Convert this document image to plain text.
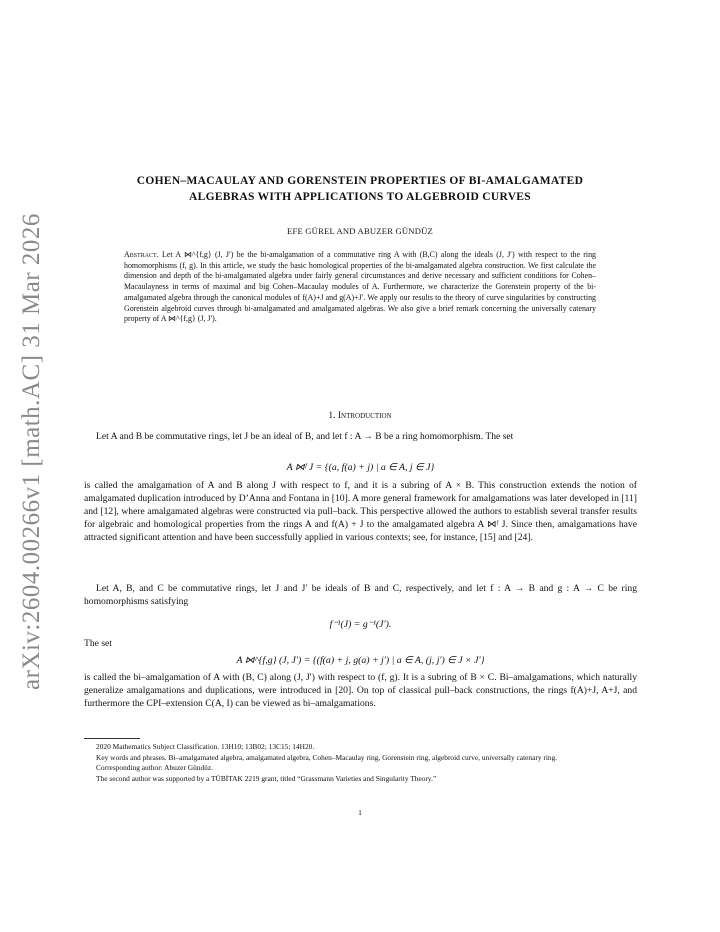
arXiv:2604.00266v1 [math.AC] 31 Mar 2026
COHEN–MACAULAY AND GORENSTEIN PROPERTIES OF BI-AMALGAMATED
ALGEBRAS WITH APPLICATIONS TO ALGEBROID CURVES
EFE GÜREL AND ABUZER GÜNDÜZ
Abstract. Let A ⋈^{f,g} (J, J′) be the bi-amalgamation of a commutative ring A with (B,C) along the ideals (J, J′) with respect to the ring homomorphisms (f, g). In this article, we study the basic homological properties of the bi-amalgamated algebra construction. We first calculate the dimension and depth of the bi-amalgamated algebra under fairly general circumstances and derive necessary and sufficient conditions for Cohen–Macaulayness in terms of maximal and big Cohen–Macaulay modules of A. Furthermore, we characterize the Gorenstein property of the bi-amalgamated algebra through the canonical modules of f(A)+J and g(A)+J′. We apply our results to the theory of curve singularities by constructing Gorenstein algebroid curves through bi-amalgamated and amalgamated algebras. We also give a brief remark concerning the universally catenary property of A ⋈^{f,g} (J, J′).
1. Introduction

Let A and B be commutative rings, let J be an ideal of B, and let f : A → B be a ring homomorphism. The set

A ⋈ᶠ J = {(a, f(a) + j) | a ∈ A, j ∈ J}

is called the amalgamation of A and B along J with respect to f, and it is a subring of A × B. This construction extends the notion of amalgamated duplication introduced by D’Anna and Fontana in [10]. A more general framework for amalgamations was later developed in [11] and [12], where amalgamated algebras were constructed via pull–back. This perspective allowed the authors to establish several transfer results for algebraic and homological properties from the rings A and f(A) + J to the amalgamated algebra A ⋈ᶠ J. Since then, amalgamations have attracted significant attention and have been successfully applied in various contexts; see, for instance, [15] and [24].

Let A, B, and C be commutative rings, let J and J′ be ideals of B and C, respectively, and let f : A → B and g : A → C be ring homomorphisms satisfying

f⁻¹(J) = g⁻¹(J′).

The set

A ⋈^{f,g} (J, J′) = {(f(a) + j, g(a) + j′) | a ∈ A, (j, j′) ∈ J × J′}

is called the bi–amalgamation of A with (B, C) along (J, J′) with respect to (f, g). It is a subring of B × C. Bi–amalgamations, which naturally generalize amalgamations and duplications, were introduced in [20]. On top of classical pull–back constructions, the rings f(A)+J, A+J, and furthermore the CPI–extension C(A, I) can be viewed as bi–amalgamations.

2020 Mathematics Subject Classification. 13H10; 13B02; 13C15; 14H20.

Key words and phrases. Bi–amalgamated algebra, amalgamated algebra, Cohen–Macaulay ring, Gorenstein ring, algebroid curve, universally catenary ring.

Corresponding author: Abuzer Gündüz.

The second author was supported by a TÜBİTAK 2219 grant, titled “Grassmann Varieties and Singularity Theory.”

1
